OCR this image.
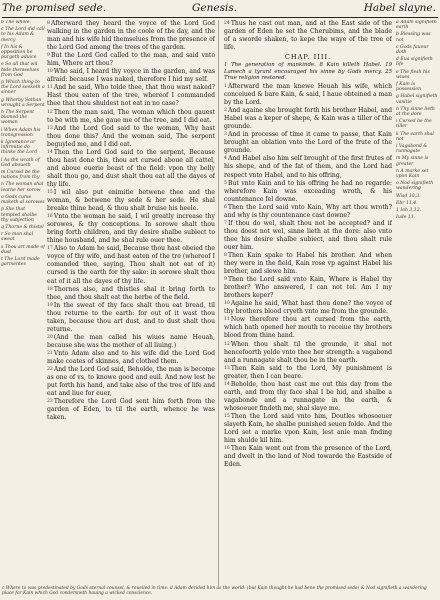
The promised sede.	Genesis.	Habel slayne.

b The whole.

c The Lord did call to his Adam & mercy

f In his & opposition he purgeth aduice

e So all that wil hide themselues from God

p Which thing to the Lord seeketh a sinner

g Wherby Sathan wrought a Serpent

h The Serpent blamed the woman

i When Adam his transgression

k Ignorance or infirmitie do thinke the Lord

l As the wrath of God aboueth

m Cursed be the nations from thy

n The woman shal learne her sorow

o Gods curse maketh al sorowes

p She that tempted shalbe thy subjection

q Thorne & thistel

r So man shal sweat

s Thou art made of dust

t The Lord made garmentes

8Afterward they heard the voyce of the Lord God walking in the garden in the coole of the day, and the man and his wife hid themselues from the presence of the Lord God among the trees of the garden.

9But the Lord God called to the man, and said vnto him, Where art thou?

10Who said, I heard thy voyce in the garden, and was afraid: because I was naked, therefore I hid my self.

11And he said, Who tolde thee, that thou wast naked? Hast thou eaten of the tree, whereof I commanded thee that thou shuldest not eat in no case?

12Then the man said, The woman which thou gauest to be with me, she gaue me of the tree, and I did eat.

13And the Lord God said to the woman, Why hast thou done this? And the woman said, The serpent beguyled me, and I did eat.

14Then the Lord God said to the serpent, Because thou hast done this, thou art cursed aboue all cattel, and aboue euerie beast of the field: vpon thy belly shalt thou go, and dust shalt thou eat all the dayes of thy life.

15I wil also put enimitie betwene thee and the woman, & betwene thy sede & her sede. He shal breake thine head, & thou shalt bruise his heele.

16Vnto the woman he said, I wil greatly increase thy sorowes, & thy conceptions. In sorowe shalt thou bring forth children, and thy desire shalbe subiect to thine housband, and he shal rule ouer thee.

17Also to Adam he said, Because thou hast obeied the voyce of thy wife, and hast eaten of the tre (whereof I comanded thee, saying, Thou shalt not eat of it) cursed is the earth for thy sake: in sorowe shalt thou eat of it all the dayes of thy life.

18Thornes also, and thistles shal it bring forth to thee, and thou shalt eat the herbe of the field.

19In the sweat of thy face shalt thou eat bread, til thou returne to the earth: for out of it wast thou taken, because thou art dust, and to dust shalt thou returne.

20(And the man called his wiues name Heuah, because she was the mother of all liuing.)

21Vnto Adam also and to his wife did the Lord God make coates of skinnes, and clothed them.

22And the Lord God said, Beholde, the man is become as one of vs, to knowe good and euil. And now lest he put forth his hand, and take also of the tree of life and eat and liue for euer,

23Therefore the Lord God sent him forth from the garden of Eden, to til the earth, whence he was taken.

24Thus he cast out man, and at the East side of the garden of Eden he set the Cherubims, and the blade of a sworde shaken, to kepe the waye of the tree of life.

CHAP. IIII.
1 The generation of mankinde. 8 Kain killeth Habel. 19 Lamech a tyrant encouraged his sinne by Gods mercy. 25 True religion restored.

1Afterward the man knewe Heuah his wife, which conceiued & bare Kain, & said, I haue obteined a man by the Lord.

2And againe she brought forth his brother Habel, and Habel was a keper of shepe, & Kain was a tiller of the grounde.

3And in processe of time it came to passe, that Kain brought an oblation vnto the Lord of the frute of the grounde.

4And Habel also him self brought of the first frutes of his shepe, and of the fat of them, and the Lord had respect vnto Habel, and to his offring,

5But vnto Kain and to his offring he had no regarde: wherefore Kain was exceading wroth, & his countenance fel downe.

6Then the Lord said vnto Kain, Why art thou wroth? and why is thy countenance cast downe?

7If thou do wel, shalt thou not be accepted? and if thou doest not wel, sinne lieth at the dore: also vnto thee his desire shalbe subiect, and thou shalt rule ouer him.

8Then Kain spake to Habel his brother. And when they were in the field, Kain rose vp against Habel his brother, and slewe him.

9Then the Lord said vnto Kain, Where is Habel thy brother? Who answered, I can not tel. Am I my brothers keper?

10Againe he said, What hast thou done? the voyce of thy brothers blood cryeth vnto me from the grounde.

11Now therefore thou art cursed from the earth, which hath opened her mouth to receiue thy brothers blood from thine hand.

12When thou shalt til the grounde, it shal not hencefoorth yelde vnto thee her strength: a vagabond and a runnagate shalt thou be in the earth.

13Then Kain said to the Lord, My punishment is greater, then I can beare.

14Beholde, thou hast cast me out this day from the earth, and from thy face shal I be hid, and shalbe a vagabonde and a runnagate in the earth, & whosoeuer findeth me, shal slaye me.

15Then the Lord said vnto him, Doutles whosoeuer slayeth Kain, he shalbe punished seuen folde. And the Lord set a marke vpon Kain, lest anie man finding him shulde kil him.

16Then Kain went out from the presence of the Lord, and dwelt in the land of Nod towarde the Eastside of Eden.

a Adam signifieth earth

b Blessing was not

c Gods fauour doth

d Eua signifieth life

e The flesh his wiues

f Kain is possession

g Habel signifieth vanitie

h Thy sinne lieth at the dore

i Cursed be the tiller

k The earth shal not

l Vagabond & runnagate

m My sinne is greater

n A marke set vpon Kain

o Nod signifieth wandering

Wisd 10,3.

Ebr 11,4.

1 Ioh 3,12.

Iude 11.

c Where to was predestinated by Gods eternal counsel, & reueiled in time. d Adam derided him as the world: (but Kain thought he had bene the promised sede) & Nod signifieth a wandering place for Kain which God condemneth hauing a wicked conscience.
